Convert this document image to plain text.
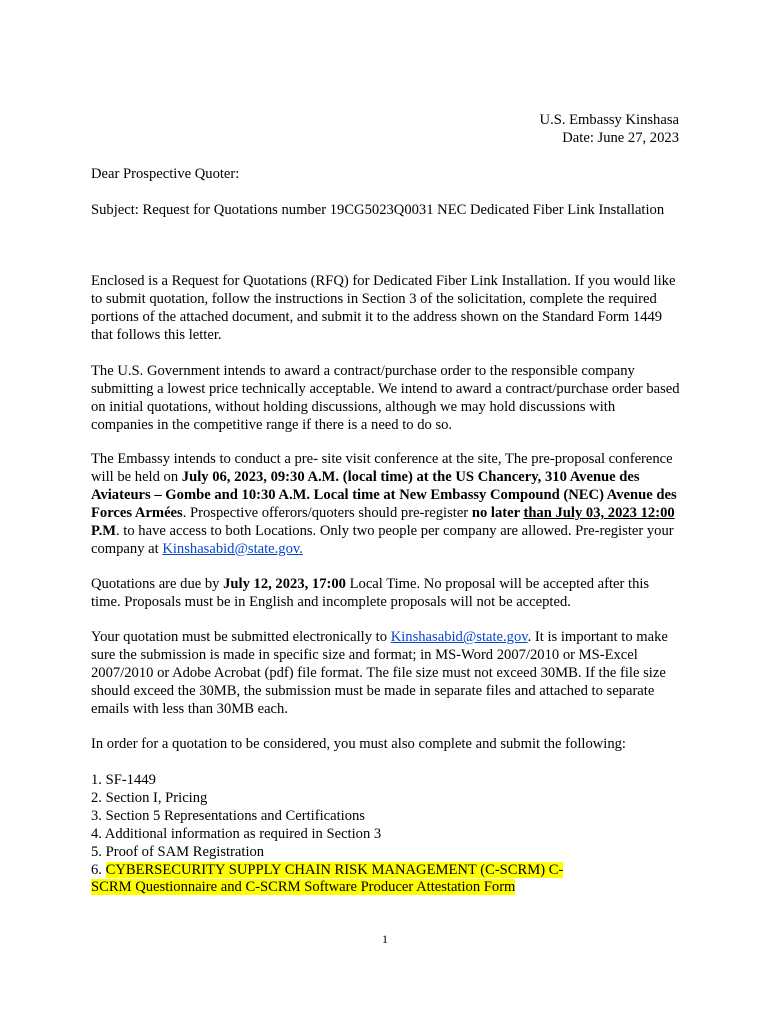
U.S. Embassy Kinshasa
Date: June 27, 2023

Dear Prospective Quoter:

Subject: Request for Quotations number 19CG5023Q0031 NEC Dedicated Fiber Link Installation

Enclosed is a Request for Quotations (RFQ) for Dedicated Fiber Link Installation. If you would like to submit quotation, follow the instructions in Section 3 of the solicitation, complete the required portions of the attached document, and submit it to the address shown on the Standard Form 1449 that follows this letter.

The U.S. Government intends to award a contract/purchase order to the responsible company submitting a lowest price technically acceptable. We intend to award a contract/purchase order based on initial quotations, without holding discussions, although we may hold discussions with companies in the competitive range if there is a need to do so.

The Embassy intends to conduct a pre- site visit conference at the site, The pre-proposal conference will be held on July 06, 2023, 09:30 A.M. (local time) at the US Chancery, 310 Avenue des Aviateurs – Gombe and 10:30 A.M. Local time at New Embassy Compound (NEC) Avenue des Forces Armées. Prospective offerors/quoters should pre-register no later than July 03, 2023 12:00 P.M. to have access to both Locations. Only two people per company are allowed. Pre-register your company at Kinshasabid@state.gov.

Quotations are due by July 12, 2023, 17:00 Local Time. No proposal will be accepted after this time. Proposals must be in English and incomplete proposals will not be accepted.

Your quotation must be submitted electronically to Kinshasabid@state.gov. It is important to make sure the submission is made in specific size and format; in MS-Word 2007/2010 or MS-Excel 2007/2010 or Adobe Acrobat (pdf) file format. The file size must not exceed 30MB. If the file size should exceed the 30MB, the submission must be made in separate files and attached to separate emails with less than 30MB each.

In order for a quotation to be considered, you must also complete and submit the following:

1. SF-1449
2. Section I, Pricing
3. Section 5 Representations and Certifications
4. Additional information as required in Section 3
5. Proof of SAM Registration
6. CYBERSECURITY SUPPLY CHAIN RISK MANAGEMENT (C-SCRM) C-SCRM Questionnaire and C-SCRM Software Producer Attestation Form
1
